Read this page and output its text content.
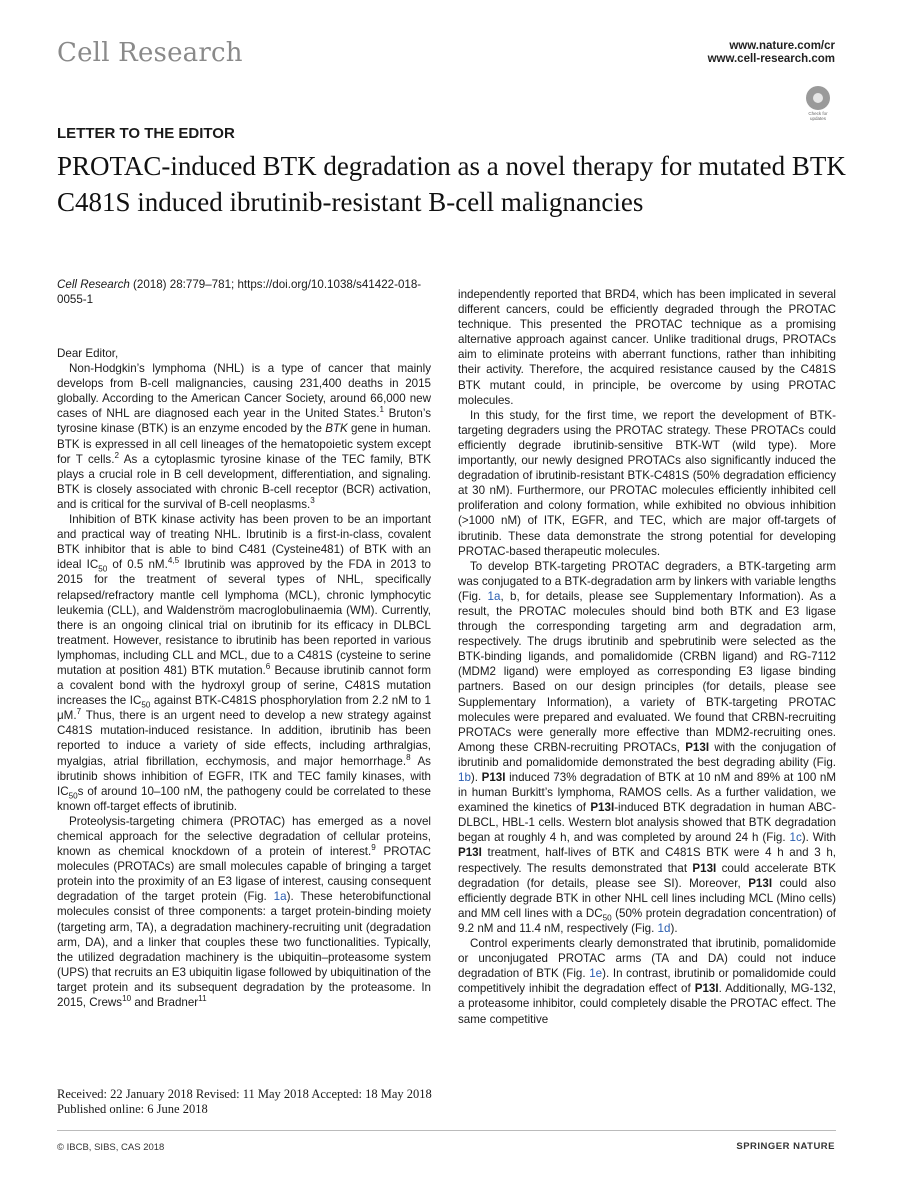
Cell Research	www.nature.com/cr
www.cell-research.com
Check for
updates
LETTER TO THE EDITOR
PROTAC-induced BTK degradation as a novel therapy for mutated BTK C481S induced ibrutinib-resistant B-cell malignancies
Cell Research (2018) 28:779–781; https://doi.org/10.1038/s41422-018-0055-1

Dear Editor,

Non-Hodgkin’s lymphoma (NHL) is a type of cancer that mainly develops from B-cell malignancies, causing 231,400 deaths in 2015 globally. According to the American Cancer Society, around 66,000 new cases of NHL are diagnosed each year in the United States.$^1$ Bruton’s tyrosine kinase (BTK) is an enzyme encoded by the BTK gene in human. BTK is expressed in all cell lineages of the hematopoietic system except for T cells.$^2$ As a cytoplasmic tyrosine kinase of the TEC family, BTK plays a crucial role in B cell development, differentiation, and signaling. BTK is closely associated with chronic B-cell receptor (BCR) activation, and is critical for the survival of B-cell neoplasms.$^3$

Inhibition of BTK kinase activity has been proven to be an important and practical way of treating NHL. Ibrutinib is a first-in-class, covalent BTK inhibitor that is able to bind C481 (Cysteine481) of BTK with an ideal $IC_{50}$ of 0.5 nM.$^{4,5}$ Ibrutinib was approved by the FDA in 2013 to 2015 for the treatment of several types of NHL, specifically relapsed/refractory mantle cell lymphoma (MCL), chronic lymphocytic leukemia (CLL), and Waldenström macroglobulinaemia (WM). Currently, there is an ongoing clinical trial on ibrutinib for its efficacy in DLBCL treatment. However, resistance to ibrutinib has been reported in various lymphomas, including CLL and MCL, due to a C481S (cysteine to serine mutation at position 481) BTK mutation.$^6$ Because ibrutinib cannot form a covalent bond with the hydroxyl group of serine, C481S mutation increases the $IC_{50}$ against BTK-C481S phosphorylation from 2.2 nM to 1 μM.$^7$ Thus, there is an urgent need to develop a new strategy against C481S mutation-induced resistance. In addition, ibrutinib has been reported to induce a variety of side effects, including arthralgias, myalgias, atrial fibrillation, ecchymosis, and major hemorrhage.$^8$ As ibrutinib shows inhibition of EGFR, ITK and TEC family kinases, with $IC_{50}s$ of around 10–100 nM, the pathogeny could be correlated to these known off-target effects of ibrutinib.

Proteolysis-targeting chimera (PROTAC) has emerged as a novel chemical approach for the selective degradation of cellular proteins, known as chemical knockdown of a protein of interest.$^9$ PROTAC molecules (PROTACs) are small molecules capable of bringing a target protein into the proximity of an E3 ligase of interest, causing consequent degradation of the target protein (Fig. 1a). These heterobifunctional molecules consist of three components: a target protein-binding moiety (targeting arm, TA), a degradation machinery-recruiting unit (degradation arm, DA), and a linker that couples these two functionalities. Typically, the utilized degradation machinery is the ubiquitin–proteasome system (UPS) that recruits an E3 ubiquitin ligase followed by ubiquitination of the target protein and its subsequent degradation by the proteasome. In 2015, Crews$^{10}$ and Bradner$^{11}$

independently reported that BRD4, which has been implicated in several different cancers, could be efficiently degraded through the PROTAC technique. This presented the PROTAC technique as a promising alternative approach against cancer. Unlike traditional drugs, PROTACs aim to eliminate proteins with aberrant functions, rather than inhibiting their activity. Therefore, the acquired resistance caused by the C481S BTK mutant could, in principle, be overcome by using PROTAC molecules.

In this study, for the first time, we report the development of BTK-targeting degraders using the PROTAC strategy. These PROTACs could efficiently degrade ibrutinib-sensitive BTK-WT (wild type). More importantly, our newly designed PROTACs also significantly induced the degradation of ibrutinib-resistant BTK-C481S (50% degradation efficiency at 30 nM). Furthermore, our PROTAC molecules efficiently inhibited cell proliferation and colony formation, while exhibited no obvious inhibition (>1000 nM) of ITK, EGFR, and TEC, which are major off-targets of ibrutinib. These data demonstrate the strong potential for developing PROTAC-based therapeutic molecules.

To develop BTK-targeting PROTAC degraders, a BTK-targeting arm was conjugated to a BTK-degradation arm by linkers with variable lengths (Fig. 1a, b, for details, please see Supplementary Information). As a result, the PROTAC molecules should bind both BTK and E3 ligase through the corresponding targeting arm and degradation arm, respectively. The drugs ibrutinib and spebrutinib were selected as the BTK-binding ligands, and pomalidomide (CRBN ligand) and RG-7112 (MDM2 ligand) were employed as corresponding E3 ligase binding partners. Based on our design principles (for details, please see Supplementary Information), a variety of BTK-targeting PROTAC molecules were prepared and evaluated. We found that CRBN-recruiting PROTACs were generally more effective than MDM2-recruiting ones. Among these CRBN-recruiting PROTACs, P13I with the conjugation of ibrutinib and pomalidomide demonstrated the best degrading ability (Fig. 1b). P13I induced 73% degradation of BTK at 10 nM and 89% at 100 nM in human Burkitt’s lymphoma, RAMOS cells. As a further validation, we examined the kinetics of P13I-induced BTK degradation in human ABC-DLBCL, HBL-1 cells. Western blot analysis showed that BTK degradation began at roughly 4 h, and was completed by around 24 h (Fig. 1c). With P13I treatment, half-lives of BTK and C481S BTK were 4 h and 3 h, respectively. The results demonstrated that P13I could accelerate BTK degradation (for details, please see SI). Moreover, P13I could also efficiently degrade BTK in other NHL cell lines including MCL (Mino cells) and MM cell lines with a $DC_{50}$ (50% protein degradation concentration) of 9.2 nM and 11.4 nM, respectively (Fig. 1d).

Control experiments clearly demonstrated that ibrutinib, pomalidomide or unconjugated PROTAC arms (TA and DA) could not induce degradation of BTK (Fig. 1e). In contrast, ibrutinib or pomalidomide could competitively inhibit the degradation effect of P13I. Additionally, MG-132, a proteasome inhibitor, could completely disable the PROTAC effect. The same competitive

Received: 22 January 2018 Revised: 11 May 2018 Accepted: 18 May 2018
Published online: 6 June 2018
© IBCB, SIBS, CAS 2018	SPRINGER NATURE
